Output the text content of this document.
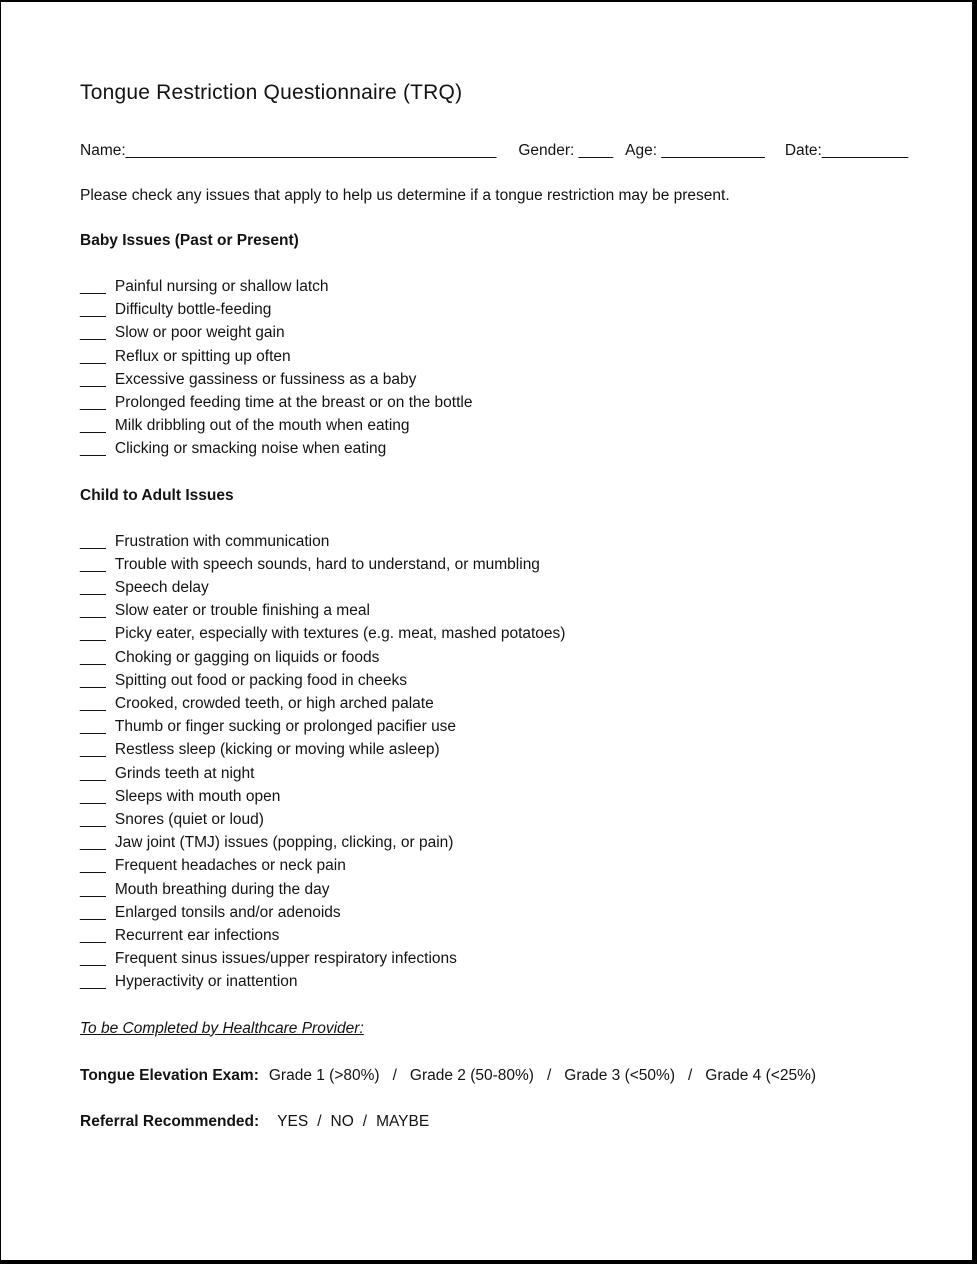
Tongue Restriction Questionnaire (TRQ)
Name:___________________________________________ Gender: ____ Age: ____________ Date:__________

Please check any issues that apply to help us determine if a tongue restriction may be present.

Baby Issues (Past or Present)
___ Painful nursing or shallow latch
___ Difficulty bottle-feeding
___ Slow or poor weight gain
___ Reflux or spitting up often
___ Excessive gassiness or fussiness as a baby
___ Prolonged feeding time at the breast or on the bottle
___ Milk dribbling out of the mouth when eating
___ Clicking or smacking noise when eating
Child to Adult Issues
___ Frustration with communication
___ Trouble with speech sounds, hard to understand, or mumbling
___ Speech delay
___ Slow eater or trouble finishing a meal
___ Picky eater, especially with textures (e.g. meat, mashed potatoes)
___ Choking or gagging on liquids or foods
___ Spitting out food or packing food in cheeks
___ Crooked, crowded teeth, or high arched palate
___ Thumb or finger sucking or prolonged pacifier use
___ Restless sleep (kicking or moving while asleep)
___ Grinds teeth at night
___ Sleeps with mouth open
___ Snores (quiet or loud)
___ Jaw joint (TMJ) issues (popping, clicking, or pain)
___ Frequent headaches or neck pain
___ Mouth breathing during the day
___ Enlarged tonsils and/or adenoids
___ Recurrent ear infections
___ Frequent sinus issues/upper respiratory infections
___ Hyperactivity or inattention
To be Completed by Healthcare Provider:
Tongue Elevation Exam: Grade 1 (>80%) / Grade 2 (50-80%) / Grade 3 (<50%) / Grade 4 (<25%)
Referral Recommended: YES / NO / MAYBE
